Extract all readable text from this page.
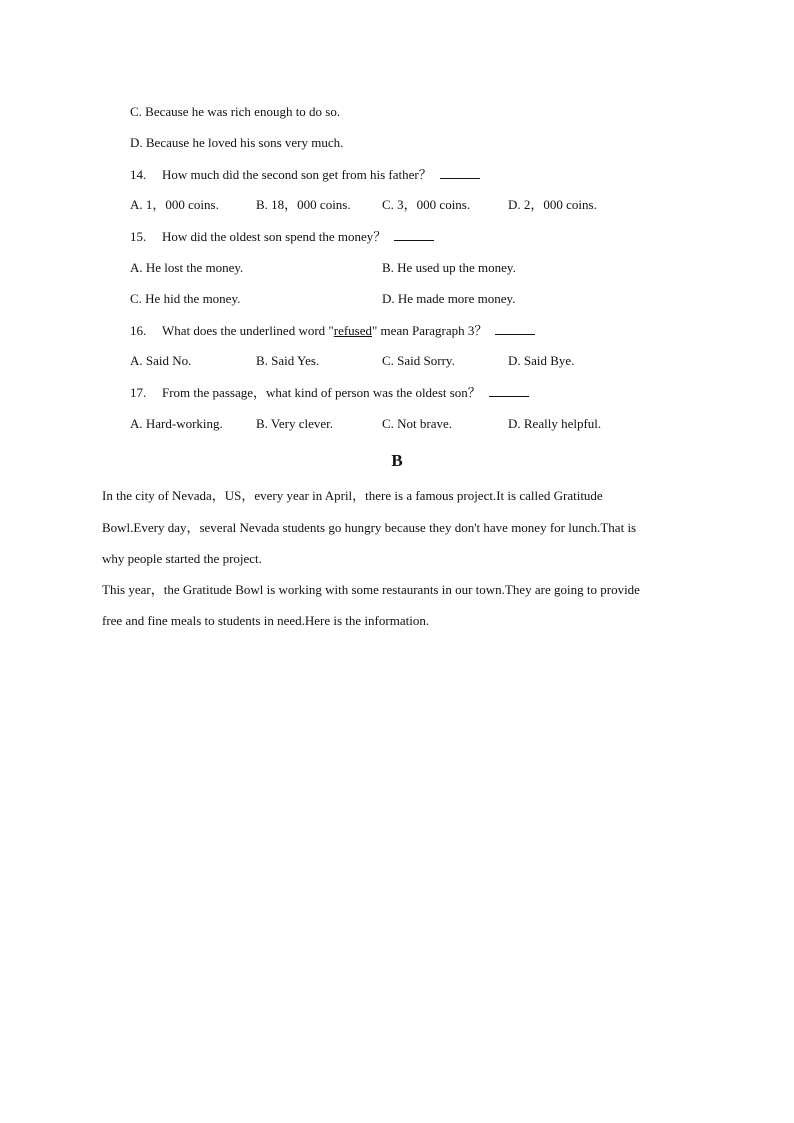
C. Because he was rich enough to do so.
D. Because he loved his sons very much.
14. How much did the second son get from his father？
A. 1，000 coins.	B. 18，000 coins. C. 3，000 coins.	D. 2，000 coins.
15. How did the oldest son spend the money？
A. He lost the money.	B. He used up the money.
C. He hid the money.	D. He made more money.
16. What does the underlined word "refused" mean Paragraph 3？
A. Said No.	B. Said Yes.	C. Said Sorry.	D. Said Bye.
17. From the passage，what kind of person was the oldest son？
A. Hard-working.	B. Very clever.	C. Not brave.	D. Really helpful.
B
In the city of Nevada，US，every year in April，there is a famous project.It is called Gratitude
Bowl.Every day，several Nevada students go hungry because they don't have money for lunch.That is
why people started the project.
This year，the Gratitude Bowl is working with some restaurants in our town.They are going to provide
free and fine meals to students in need.Here is the information.
